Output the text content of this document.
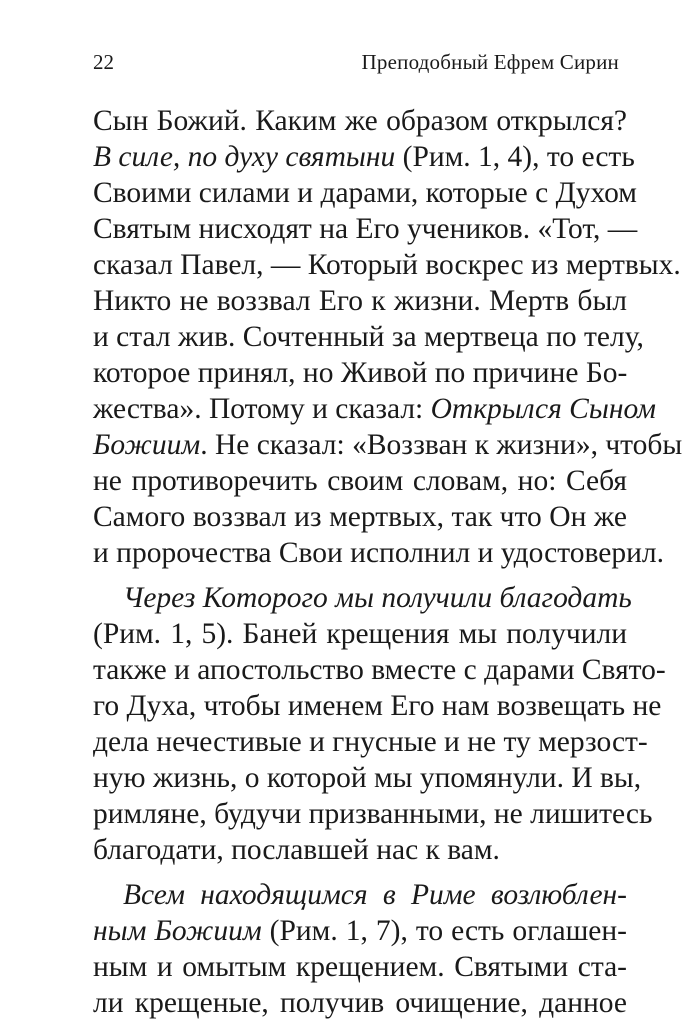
22	Преподобный Ефрем Сирин
Сын Божий. Каким же образом открылся?
В силе, по духу святыни (Рим. 1, 4), то есть
Своими силами и дарами, которые с Духом
Святым нисходят на Его учеников. «Тот, —
сказал Павел, — Который воскрес из мертвых.
Никто не воззвал Его к жизни. Мертв был
и стал жив. Сочтенный за мертвеца по телу,
которое принял, но Живой по причине Бо-
жества». Потому и сказал: Открылся Сыном
Божиим. Не сказал: «Воззван к жизни», чтобы
не противоречить своим словам, но: Себя
Самого воззвал из мертвых, так что Он же
и пророчества Свои исполнил и удостоверил.
Через Которого мы получили благодать
(Рим. 1, 5). Баней крещения мы получили
также и апостольство вместе с дарами Свято-
го Духа, чтобы именем Его нам возвещать не
дела нечестивые и гнусные и не ту мерзост-
ную жизнь, о которой мы упомянули. И вы,
римляне, будучи призванными, не лишитесь
благодати, пославшей нас к вам.
Всем находящимся в Риме возлюблен-
ным Божиим (Рим. 1, 7), то есть оглашен-
ным и омытым крещением. Святыми ста-
ли крещеные, получив очищение, данное
